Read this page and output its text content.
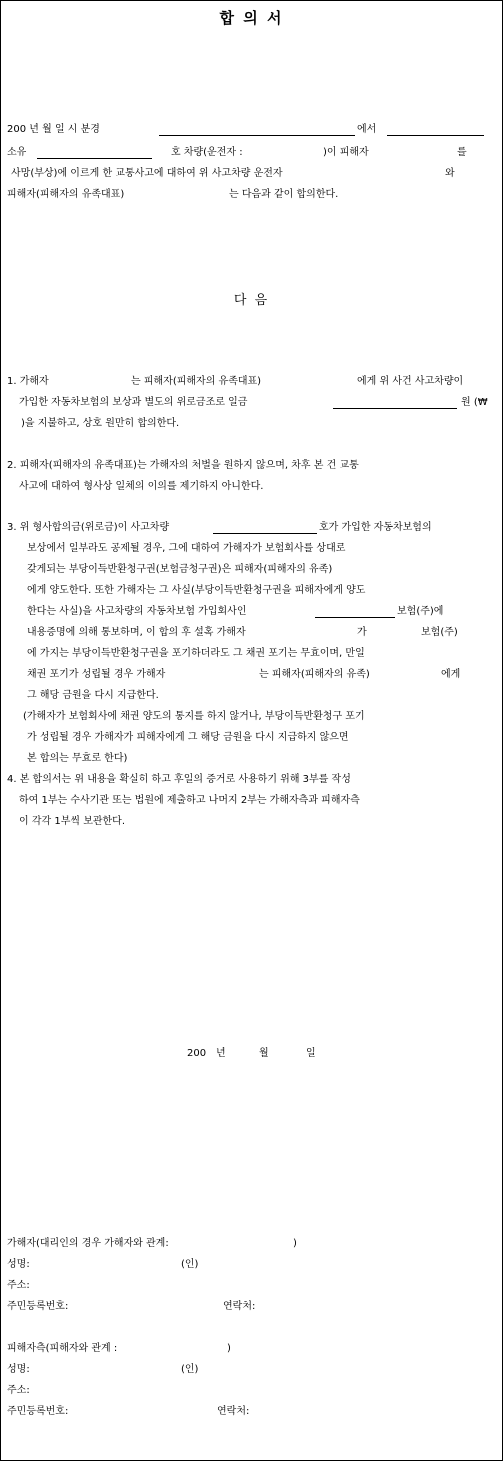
합 의 서
200 년 월 일 시 분경	에서
소유	호 차량(운전자 :	)이 피해자	를
사망(부상)에 이르게 한 교통사고에 대하여 위 사고차량 운전자	와
피해자(피해자의 유족대표)	는 다음과 같이 합의한다.
다 음
1. 가해자	는 피해자(피해자의 유족대표)	에게 위 사건 사고차량이
가입한 자동차보험의 보상과 별도의 위로금조로 일금	원 (₩
)을 지불하고, 상호 원만히 합의한다.
2. 피해자(피해자의 유족대표)는 가해자의 처벌을 원하지 않으며, 차후 본 건 교통
사고에 대하여 형사상 일체의 이의를 제기하지 아니한다.
3. 위 형사합의금(위로금)이 사고차량	호가 가입한 자동차보험의
보상에서 일부라도 공제될 경우, 그에 대하여 가해자가 보험회사를 상대로
갖게되는 부당이득반환청구권(보험금청구권)은 피해자(피해자의 유족)
에게 양도한다. 또한 가해자는 그 사실(부당이득반환청구권을 피해자에게 양도
한다는 사실)을 사고차량의 자동차보험 가입회사인	보험(주)에
내용증명에 의해 통보하며, 이 합의 후 설혹 가해자	가	보험(주)
에 가지는 부당이득반환청구권을 포기하더라도 그 채권 포기는 무효이며, 만일
채권 포기가 성립될 경우 가해자	는 피해자(피해자의 유족)	에게
그 해당 금원을 다시 지급한다.
(가해자가 보험회사에 채권 양도의 통지를 하지 않거나, 부당이득반환청구 포기
가 성립될 경우 가해자가 피해자에게 그 해당 금원을 다시 지급하지 않으면
본 합의는 무효로 한다)
4. 본 합의서는 위 내용을 확실히 하고 후일의 증거로 사용하기 위해 3부를 작성
하여 1부는 수사기관 또는 법원에 제출하고 나머지 2부는 가해자측과 피해자측
이 각각 1부씩 보관한다.
200 년	월	일
가해자(대리인의 경우 가해자와 관계:	)
성명:	(인)
주소:
주민등록번호:	연락처:
피해자측(피해자와 관계 :	)
성명:	(인)
주소:
주민등록번호:	연락처:
